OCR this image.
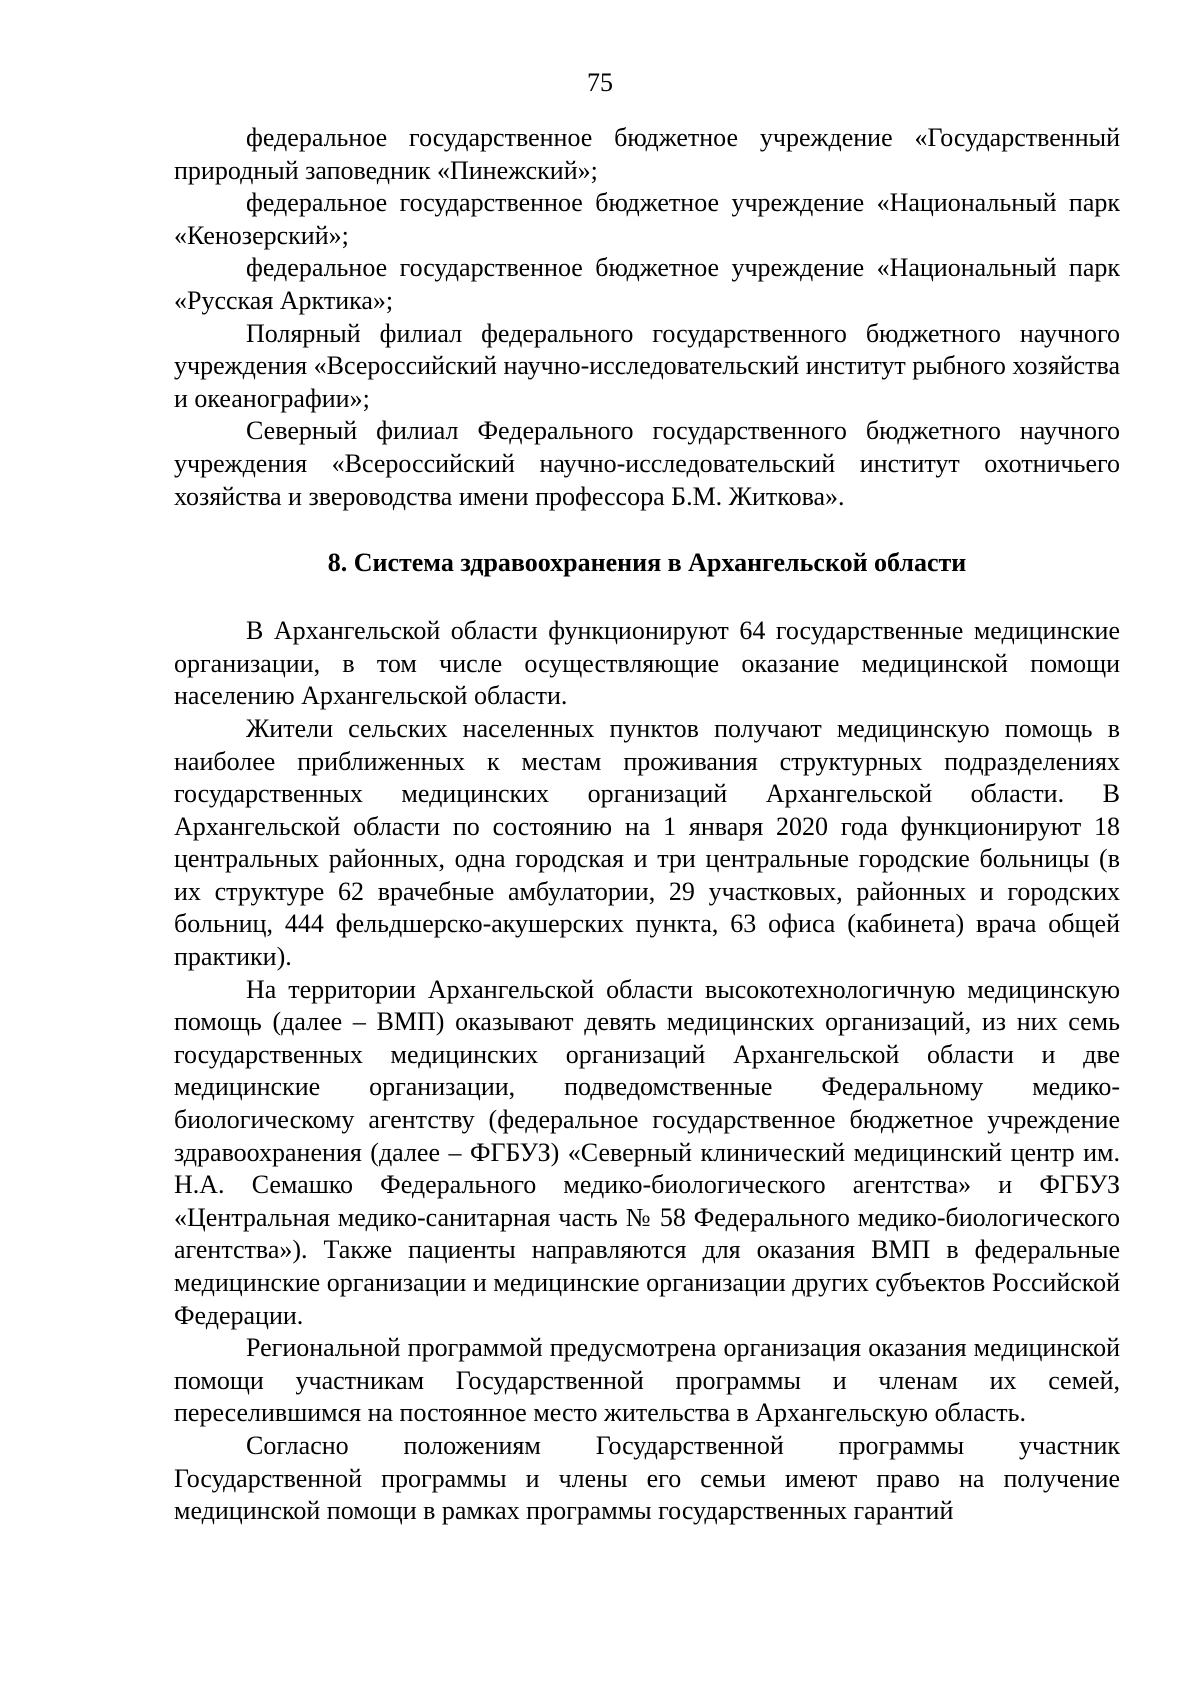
75

федеральное государственное бюджетное учреждение «Государственный природный заповедник «Пинежский»;

федеральное государственное бюджетное учреждение «Национальный парк «Кенозерский»;

федеральное государственное бюджетное учреждение «Национальный парк «Русская Арктика»;

Полярный филиал федерального государственного бюджетного научного учреждения «Всероссийский научно-исследовательский институт рыбного хозяйства и океанографии»;

Северный филиал Федерального государственного бюджетного научного учреждения «Всероссийский научно-исследовательский институт охотничьего хозяйства и звероводства имени профессора Б.М. Житкова».

8. Система здравоохранения в Архангельской области

В Архангельской области функционируют 64 государственные медицинские организации, в том числе осуществляющие оказание медицинской помощи населению Архангельской области.

Жители сельских населенных пунктов получают медицинскую помощь в наиболее приближенных к местам проживания структурных подразделениях государственных медицинских организаций Архангельской области. В Архангельской области по состоянию на 1 января 2020 года функционируют 18 центральных районных, одна городская и три центральные городские больницы (в их структуре 62 врачебные амбулатории, 29 участковых, районных и городских больниц, 444 фельдшерско-акушерских пункта, 63 офиса (кабинета) врача общей практики).

На территории Архангельской области высокотехнологичную медицинскую помощь (далее – ВМП) оказывают девять медицинских организаций, из них семь государственных медицинских организаций Архангельской области и две медицинские организации, подведомственные Федеральному медико-биологическому агентству (федеральное государственное бюджетное учреждение здравоохранения (далее – ФГБУЗ) «Северный клинический медицинский центр им. Н.А. Семашко Федерального медико-биологического агентства» и ФГБУЗ «Центральная медико-санитарная часть № 58 Федерального медико-биологического агентства»). Также пациенты направляются для оказания ВМП в федеральные медицинские организации и медицинские организации других субъектов Российской Федерации.

Региональной программой предусмотрена организация оказания медицинской помощи участникам Государственной программы и членам их семей, переселившимся на постоянное место жительства в Архангельскую область.

Согласно положениям Государственной программы участник Государственной программы и члены его семьи имеют право на получение медицинской помощи в рамках программы государственных гарантий
